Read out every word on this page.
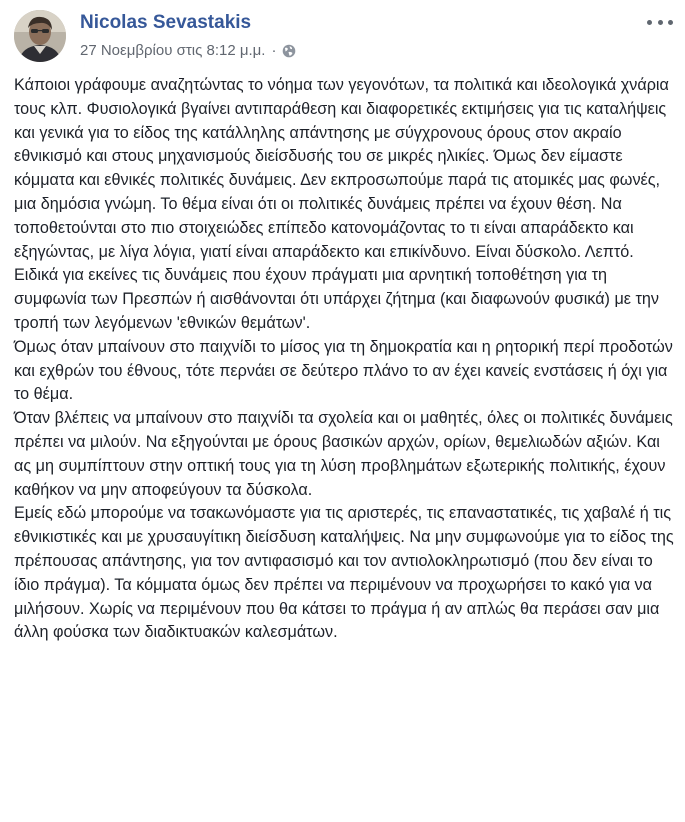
Nicolas Sevastakis
27 Νοεμβρίου στις 8:12 μ.μ. ·

Κάποιοι γράφουμε αναζητώντας το νόημα των γεγονότων, τα πολιτικά και ιδεολογικά χνάρια τους κλπ. Φυσιολογικά βγαίνει αντιπαράθεση και διαφορετικές εκτιμήσεις για τις καταλήψεις και γενικά για το είδος της κατάλληλης απάντησης με σύγχρονους όρους στον ακραίο εθνικισμό και στους μηχανισμούς διείσδυσής του σε μικρές ηλικίες. Όμως δεν είμαστε κόμματα και εθνικές πολιτικές δυνάμεις. Δεν εκπροσωπούμε παρά τις ατομικές μας φωνές, μια δημόσια γνώμη. Το θέμα είναι ότι οι πολιτικές δυνάμεις πρέπει να έχουν θέση. Να τοποθετούνται στο πιο στοιχειώδες επίπεδο κατονομάζοντας το τι είναι απαράδεκτο και εξηγώντας, με λίγα λόγια, γιατί είναι απαράδεκτο και επικίνδυνο. Είναι δύσκολο. Λεπτό. Ειδικά για εκείνες τις δυνάμεις που έχουν πράγματι μια αρνητική τοποθέτηση για τη συμφωνία των Πρεσπών ή αισθάνονται ότι υπάρχει ζήτημα (και διαφωνούν φυσικά) με την τροπή των λεγόμενων 'εθνικών θεμάτων'.

Όμως όταν μπαίνουν στο παιχνίδι το μίσος για τη δημοκρατία και η ρητορική περί προδοτών και εχθρών του έθνους, τότε περνάει σε δεύτερο πλάνο το αν έχει κανείς ενστάσεις ή όχι για το θέμα.

Όταν βλέπεις να μπαίνουν στο παιχνίδι τα σχολεία και οι μαθητές, όλες οι πολιτικές δυνάμεις πρέπει να μιλούν. Να εξηγούνται με όρους βασικών αρχών, ορίων, θεμελιωδών αξιών. Και ας μη συμπίπτουν στην οπτική τους για τη λύση προβλημάτων εξωτερικής πολιτικής, έχουν καθήκον να μην αποφεύγουν τα δύσκολα.

Εμείς εδώ μπορούμε να τσακωνόμαστε για τις αριστερές, τις επαναστατικές, τις χαβαλέ ή τις εθνικιστικές και με χρυσαυγίτικη διείσδυση καταλήψεις. Να μην συμφωνούμε για το είδος της πρέπουσας απάντησης, για τον αντιφασισμό και τον αντιολοκληρωτισμό (που δεν είναι το ίδιο πράγμα). Τα κόμματα όμως δεν πρέπει να περιμένουν να προχωρήσει το κακό για να μιλήσουν. Χωρίς να περιμένουν που θα κάτσει το πράγμα ή αν απλώς θα περάσει σαν μια άλλη φούσκα των διαδικτυακών καλεσμάτων.
